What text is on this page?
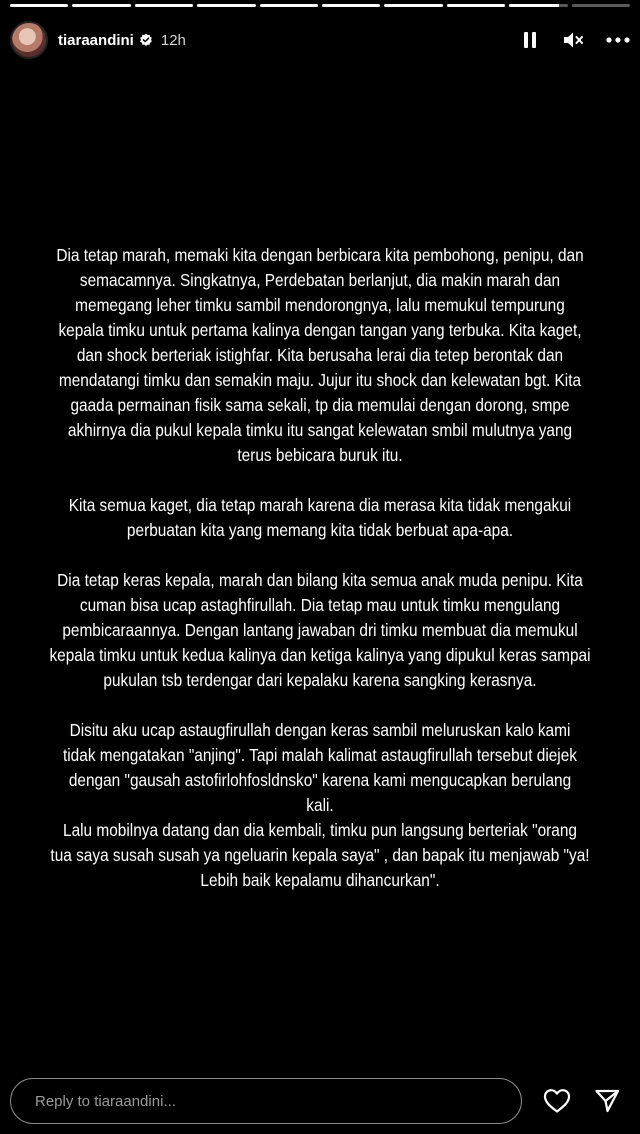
tiaraandini 12h
Dia tetap marah, memaki kita dengan berbicara kita pembohong, penipu, dan
semacamnya. Singkatnya, Perdebatan berlanjut, dia makin marah dan
memegang leher timku sambil mendorongnya, lalu memukul tempurung
kepala timku untuk pertama kalinya dengan tangan yang terbuka. Kita kaget,
dan shock berteriak istighfar. Kita berusaha lerai dia tetep berontak dan
mendatangi timku dan semakin maju. Jujur itu shock dan kelewatan bgt. Kita
gaada permainan fisik sama sekali, tp dia memulai dengan dorong, smpe
akhirnya dia pukul kepala timku itu sangat kelewatan smbil mulutnya yang
terus bebicara buruk itu.
Kita semua kaget, dia tetap marah karena dia merasa kita tidak mengakui
perbuatan kita yang memang kita tidak berbuat apa-apa.
Dia tetap keras kepala, marah dan bilang kita semua anak muda penipu. Kita
cuman bisa ucap astaghfirullah. Dia tetap mau untuk timku mengulang
pembicaraannya. Dengan lantang jawaban dri timku membuat dia memukul
kepala timku untuk kedua kalinya dan ketiga kalinya yang dipukul keras sampai
pukulan tsb terdengar dari kepalaku karena sangking kerasnya.
Disitu aku ucap astaugfirullah dengan keras sambil meluruskan kalo kami
tidak mengatakan "anjing". Tapi malah kalimat astaugfirullah tersebut diejek
dengan "gausah astofirlohfosldnsko" karena kami mengucapkan berulang
kali.
Lalu mobilnya datang dan dia kembali, timku pun langsung berteriak "orang
tua saya susah susah ya ngeluarin kepala saya" , dan bapak itu menjawab "ya!
Lebih baik kepalamu dihancurkan".
Reply to tiaraandini...
